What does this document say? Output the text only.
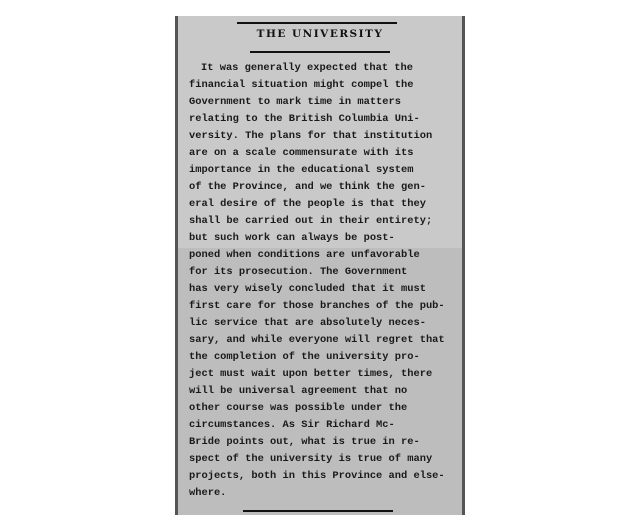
THE UNIVERSITY
It was generally expected that the
financial situation might compel the
Government to mark time in matters
relating to the British Columbia Uni-
versity. The plans for that institution
are on a scale commensurate with its
importance in the educational system
of the Province, and we think the gen-
eral desire of the people is that they
shall be carried out in their entirety;
but such work can always be post-
poned when conditions are unfavorable
for its prosecution. The Government
has very wisely concluded that it must
first care for those branches of the pub-
lic service that are absolutely neces-
sary, and while everyone will regret that
the completion of the university pro-
ject must wait upon better times, there
will be universal agreement that no
other course was possible under the
circumstances. As Sir Richard Mc-
Bride points out, what is true in re-
spect of the university is true of many
projects, both in this Province and else-
where.
